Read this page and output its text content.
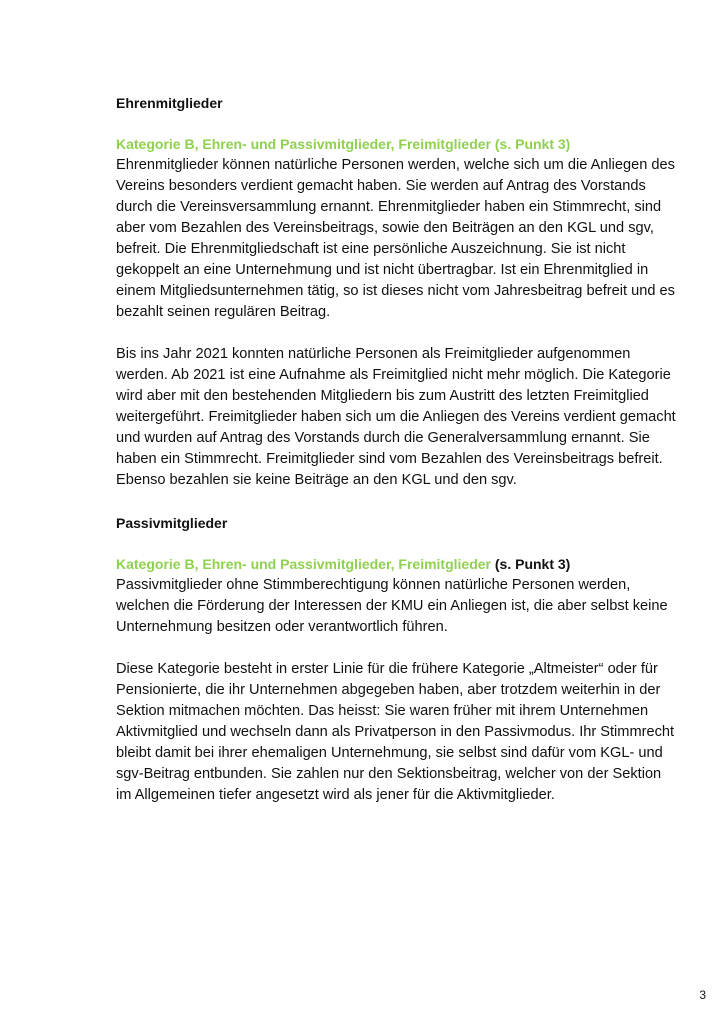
Ehrenmitglieder

Kategorie B, Ehren- und Passivmitglieder, Freimitglieder (s. Punkt 3)

Ehrenmitglieder können natürliche Personen werden, welche sich um die Anliegen des Vereins besonders verdient gemacht haben. Sie werden auf Antrag des Vorstands durch die Vereinsversammlung ernannt. Ehrenmitglieder haben ein Stimmrecht, sind aber vom Bezahlen des Vereinsbeitrags, sowie den Beiträgen an den KGL und sgv, befreit. Die Ehrenmitgliedschaft ist eine persönliche Auszeichnung. Sie ist nicht gekoppelt an eine Unternehmung und ist nicht übertragbar. Ist ein Ehrenmitglied in einem Mitgliedsunternehmen tätig, so ist dieses nicht vom Jahresbeitrag befreit und es bezahlt seinen regulären Beitrag.

Bis ins Jahr 2021 konnten natürliche Personen als Freimitglieder aufgenommen werden. Ab 2021 ist eine Aufnahme als Freimitglied nicht mehr möglich. Die Kategorie wird aber mit den bestehenden Mitgliedern bis zum Austritt des letzten Freimitglied weitergeführt. Freimitglieder haben sich um die Anliegen des Vereins verdient gemacht und wurden auf Antrag des Vorstands durch die Generalversammlung ernannt. Sie haben ein Stimmrecht. Freimitglieder sind vom Bezahlen des Vereinsbeitrags befreit. Ebenso bezahlen sie keine Beiträge an den KGL und den sgv.

Passivmitglieder

Kategorie B, Ehren- und Passivmitglieder, Freimitglieder (s. Punkt 3)

Passivmitglieder ohne Stimmberechtigung können natürliche Personen werden, welchen die Förderung der Interessen der KMU ein Anliegen ist, die aber selbst keine Unternehmung besitzen oder verantwortlich führen.

Diese Kategorie besteht in erster Linie für die frühere Kategorie „Altmeister“ oder für Pensionierte, die ihr Unternehmen abgegeben haben, aber trotzdem weiterhin in der Sektion mitmachen möchten. Das heisst: Sie waren früher mit ihrem Unternehmen Aktivmitglied und wechseln dann als Privatperson in den Passivmodus. Ihr Stimmrecht bleibt damit bei ihrer ehemaligen Unternehmung, sie selbst sind dafür vom KGL- und sgv-Beitrag entbunden. Sie zahlen nur den Sektionsbeitrag, welcher von der Sektion im Allgemeinen tiefer angesetzt wird als jener für die Aktivmitglieder.

3
